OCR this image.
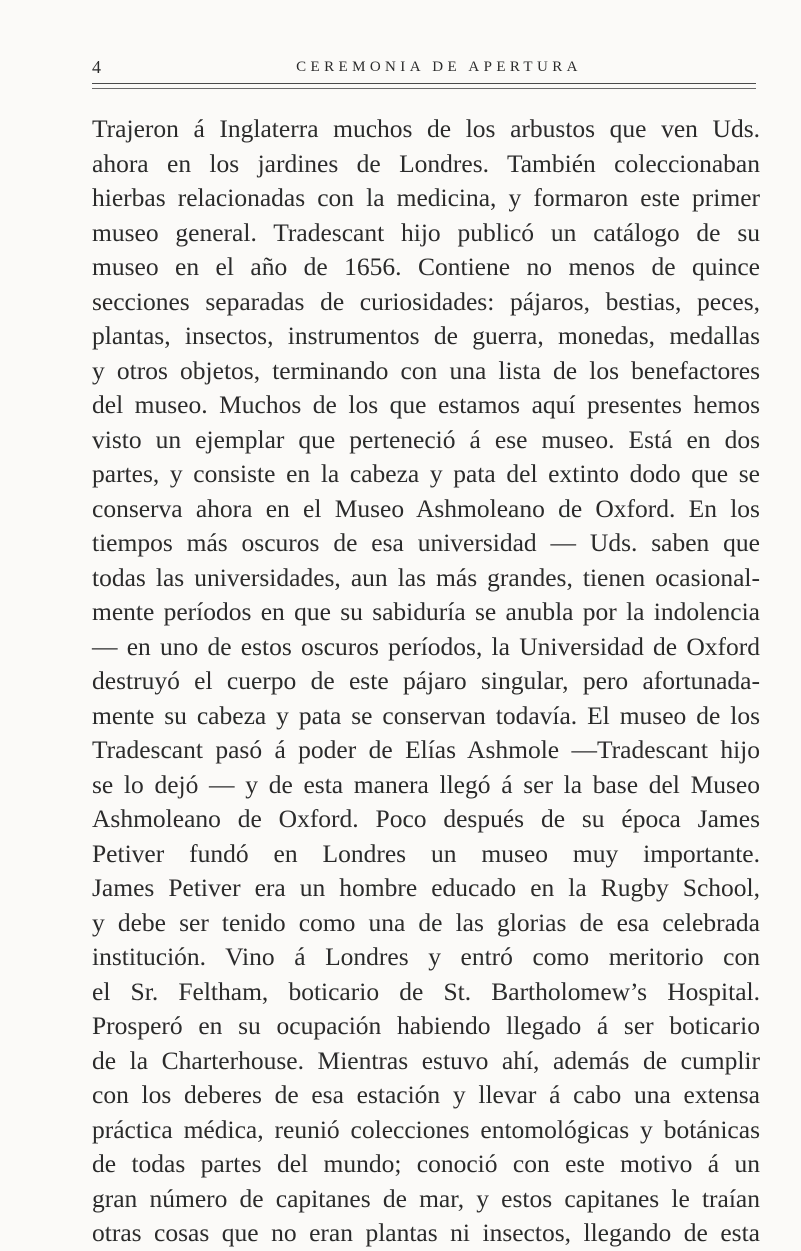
4	CEREMONIA DE APERTURA
Trajeron á Inglaterra muchos de los arbustos que ven Uds.
ahora en los jardines de Londres. También coleccionaban
hierbas relacionadas con la medicina, y formaron este primer
museo general. Tradescant hijo publicó un catálogo de su
museo en el año de 1656. Contiene no menos de quince
secciones separadas de curiosidades: pájaros, bestias, peces,
plantas, insectos, instrumentos de guerra, monedas, medallas
y otros objetos, terminando con una lista de los benefactores
del museo. Muchos de los que estamos aquí presentes hemos
visto un ejemplar que perteneció á ese museo. Está en dos
partes, y consiste en la cabeza y pata del extinto dodo que se
conserva ahora en el Museo Ashmoleano de Oxford. En los
tiempos más oscuros de esa universidad — Uds. saben que
todas las universidades, aun las más grandes, tienen ocasional-
mente períodos en que su sabiduría se anubla por la indolencia
— en uno de estos oscuros períodos, la Universidad de Oxford
destruyó el cuerpo de este pájaro singular, pero afortunada-
mente su cabeza y pata se conservan todavía. El museo de los
Tradescant pasó á poder de Elías Ashmole —Tradescant hijo
se lo dejó — y de esta manera llegó á ser la base del Museo
Ashmoleano de Oxford. Poco después de su época James
Petiver fundó en Londres un museo muy importante.
James Petiver era un hombre educado en la Rugby School,
y debe ser tenido como una de las glorias de esa celebrada
institución. Vino á Londres y entró como meritorio con
el Sr. Feltham, boticario de St. Bartholomew’s Hospital.
Prosperó en su ocupación habiendo llegado á ser boticario
de la Charterhouse. Mientras estuvo ahí, además de cumplir
con los deberes de esa estación y llevar á cabo una extensa
práctica médica, reunió colecciones entomológicas y botánicas
de todas partes del mundo; conoció con este motivo á un
gran número de capitanes de mar, y estos capitanes le traían
otras cosas que no eran plantas ni insectos, llegando de esta
